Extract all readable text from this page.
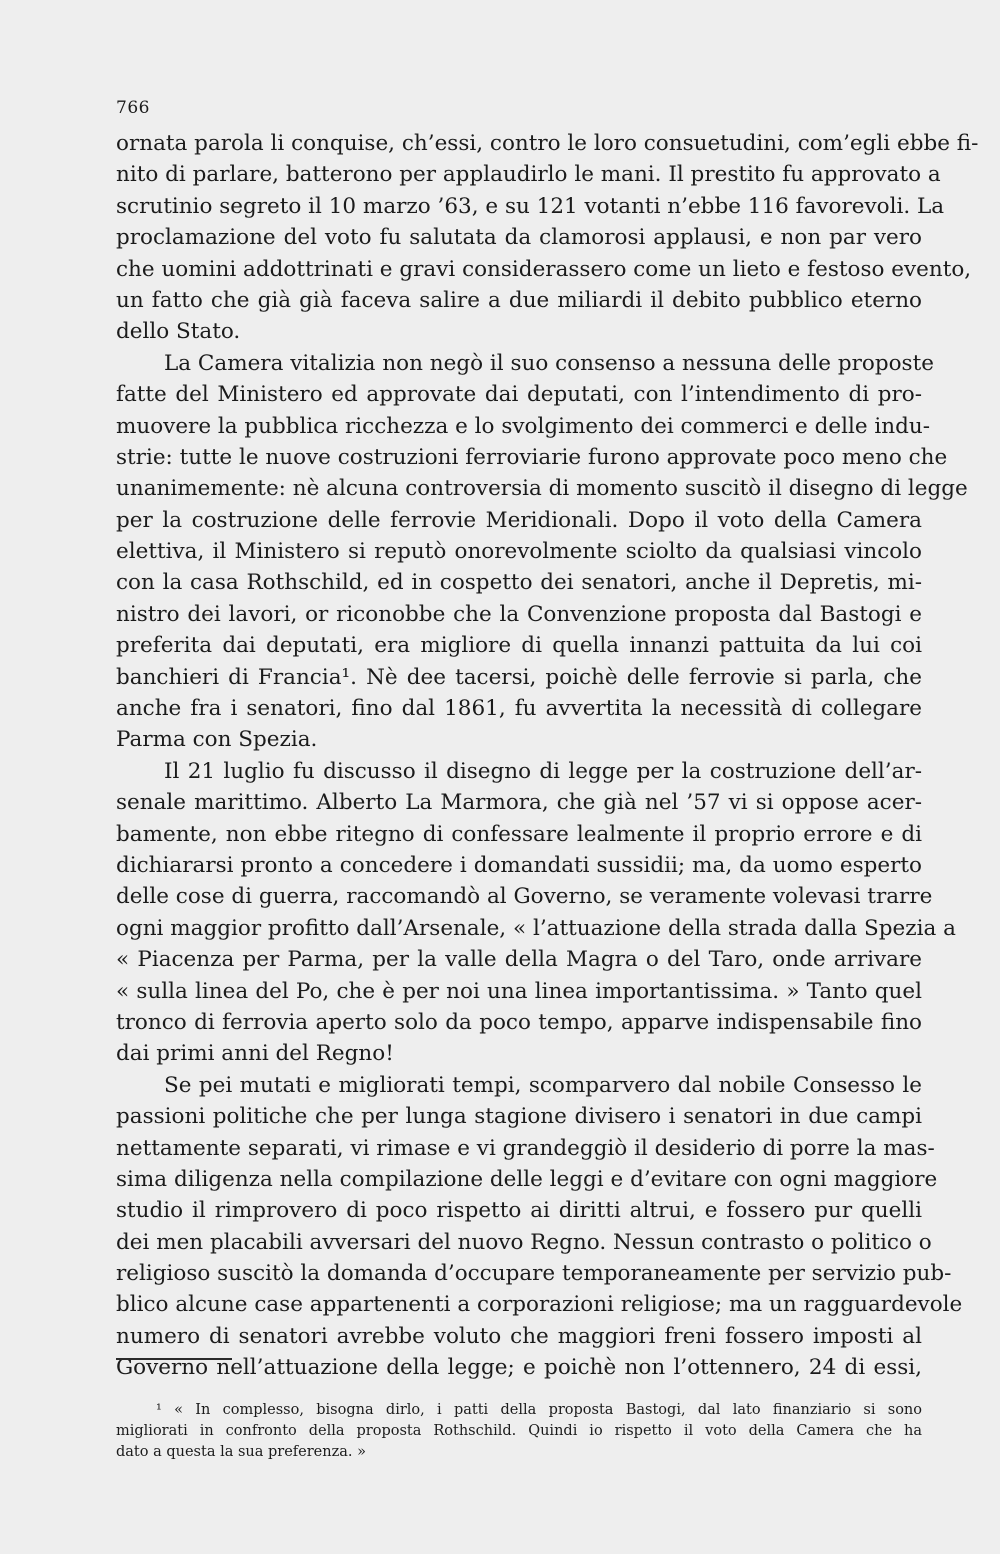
766
ornata parola li conquise, ch’essi, contro le loro consuetudini, com’egli ebbe fi-
nito di parlare, batterono per applaudirlo le mani. Il prestito fu approvato a
scrutinio segreto il 10 marzo ’63, e su 121 votanti n’ebbe 116 favorevoli. La
proclamazione del voto fu salutata da clamorosi applausi, e non par vero
che uomini addottrinati e gravi considerassero come un lieto e festoso evento,
un fatto che già già faceva salire a due miliardi il debito pubblico eterno
dello Stato.
La Camera vitalizia non negò il suo consenso a nessuna delle proposte
fatte del Ministero ed approvate dai deputati, con l’intendimento di pro-
muovere la pubblica ricchezza e lo svolgimento dei commerci e delle indu-
strie: tutte le nuove costruzioni ferroviarie furono approvate poco meno che
unanimemente: nè alcuna controversia di momento suscitò il disegno di legge
per la costruzione delle ferrovie Meridionali. Dopo il voto della Camera
elettiva, il Ministero si reputò onorevolmente sciolto da qualsiasi vincolo
con la casa Rothschild, ed in cospetto dei senatori, anche il Depretis, mi-
nistro dei lavori, or riconobbe che la Convenzione proposta dal Bastogi e
preferita dai deputati, era migliore di quella innanzi pattuita da lui coi
banchieri di Francia¹. Nè dee tacersi, poichè delle ferrovie si parla, che
anche fra i senatori, fino dal 1861, fu avvertita la necessità di collegare
Parma con Spezia.
Il 21 luglio fu discusso il disegno di legge per la costruzione dell’ar-
senale marittimo. Alberto La Marmora, che già nel ’57 vi si oppose acer-
bamente, non ebbe ritegno di confessare lealmente il proprio errore e di
dichiararsi pronto a concedere i domandati sussidii; ma, da uomo esperto
delle cose di guerra, raccomandò al Governo, se veramente volevasi trarre
ogni maggior profitto dall’Arsenale, « l’attuazione della strada dalla Spezia a
« Piacenza per Parma, per la valle della Magra o del Taro, onde arrivare
« sulla linea del Po, che è per noi una linea importantissima. » Tanto quel
tronco di ferrovia aperto solo da poco tempo, apparve indispensabile fino
dai primi anni del Regno!
Se pei mutati e migliorati tempi, scomparvero dal nobile Consesso le
passioni politiche che per lunga stagione divisero i senatori in due campi
nettamente separati, vi rimase e vi grandeggiò il desiderio di porre la mas-
sima diligenza nella compilazione delle leggi e d’evitare con ogni maggiore
studio il rimprovero di poco rispetto ai diritti altrui, e fossero pur quelli
dei men placabili avversari del nuovo Regno. Nessun contrasto o politico o
religioso suscitò la domanda d’occupare temporaneamente per servizio pub-
blico alcune case appartenenti a corporazioni religiose; ma un ragguardevole
numero di senatori avrebbe voluto che maggiori freni fossero imposti al
Governo nell’attuazione della legge; e poichè non l’ottennero, 24 di essi,
¹ « In complesso, bisogna dirlo, i patti della proposta Bastogi, dal lato finanziario si sono
migliorati in confronto della proposta Rothschild. Quindi io rispetto il voto della Camera che ha
dato a questa la sua preferenza. »
